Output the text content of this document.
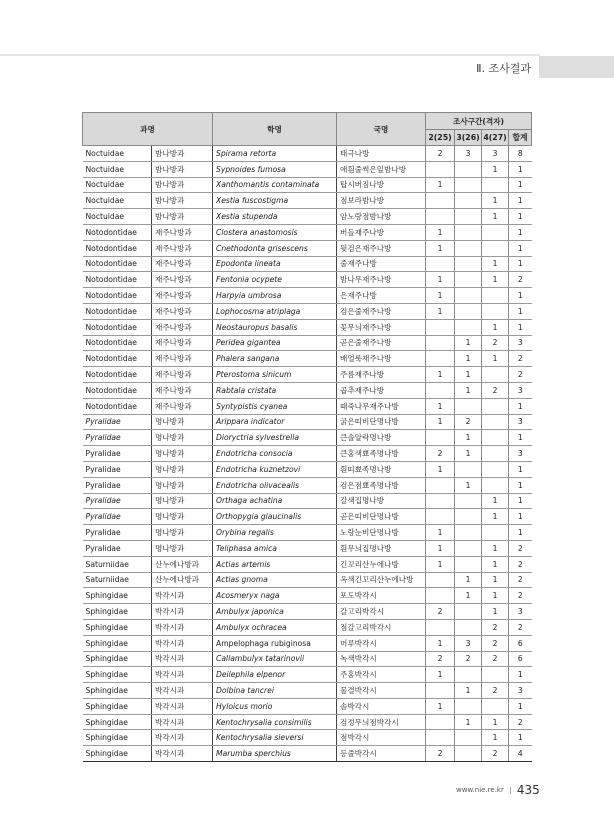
Ⅱ. 조사결과
과명		학명	국명	조사구간(격자)			
				2(25)	3(26)	4(27)	합계
Noctuidae	밤나방과	Spirama retorta	태극나방	2	3	3	8
Noctuidae	밤나방과	Sypnoides fumosa	애흰줄썩은잎밤나방			1	1
Noctuidae	밤나방과	Xanthomantis contaminata	탑시버짐나방	1			1
Noctuidae	밤나방과	Xestia fuscostigma	점보라밤나방			1	1
Noctuidae	밤나방과	Xestia stupenda	암노랑점밤나방			1	1
Notodontidae	재주나방과	Clostera anastomosis	버들재주나방	1			1
Notodontidae	재주나방과	Cnethodonta grisescens	뒷검은재주나방	1			1
Notodontidae	재주나방과	Epodonta lineata	줄재주나방			1	1
Notodontidae	재주나방과	Fentonia ocypete	밤나무재주나방	1		1	2
Notodontidae	재주나방과	Harpyia umbrosa	은재주나방	1			1
Notodontidae	재주나방과	Lophocosma atriplaga	검은줄재주나방	1			1
Notodontidae	재주나방과	Neostauropus basalis	꽃무늬재주나방			1	1
Notodontidae	재주나방과	Peridea gigantea	곧은줄재주나방		1	2	3
Notodontidae	재주나방과	Phalera sangana	배얼룩재주나방		1	1	2
Notodontidae	재주나방과	Pterostoma sinicum	주름재주나방	1	1		2
Notodontidae	재주나방과	Rabtala cristata	곱추재주나방		1	2	3
Notodontidae	재주나방과	Syntypistis cyanea	때죽나무재주나방	1			1
Pyralidae	명나방과	Arippara indicator	굵은띠비단명나방	1	2		3
Pyralidae	명나방과	Dioryctria sylvestrella	큰솔알락명나방		1		1
Pyralidae	명나방과	Endotricha consocia	큰홍색뾰족명나방	2	1		3
Pyralidae	명나방과	Endotricha kuznetzovi	흰띠뾰족명나방	1			1
Pyralidae	명나방과	Endotricha olivacealis	검은점뾰족명나방		1		1
Pyralidae	명나방과	Orthaga achatina	갈색집명나방			1	1
Pyralidae	명나방과	Orthopygia glaucinalis	곧은띠비단명나방			1	1
Pyralidae	명나방과	Orybina regalis	노랑눈비단명나방	1			1
Pyralidae	명나방과	Teliphasa amica	흰무늬집명나방	1		1	2
Saturniidae	산누에나방과	Actias artemis	긴꼬리산누에나방	1		1	2
Saturniidae	산누에나방과	Actias gnoma	옥색긴꼬리산누에나방		1	1	2
Sphingidae	박각시과	Acosmeryx naga	포도박각시		1	1	2
Sphingidae	박각시과	Ambulyx japonica	갈고리박각시	2		1	3
Sphingidae	박각시과	Ambulyx ochracea	점갈고리박각시			2	2
Sphingidae	박각시과	Ampelophaga rubiginosa	머루박각시	1	3	2	6
Sphingidae	박각시과	Callambulyx tatarinovii	녹색박각시	2	2	2	6
Sphingidae	박각시과	Deilephila elpenor	주홍박각시	1			1
Sphingidae	박각시과	Dolbina tancrei	물결박각시		1	2	3
Sphingidae	박각시과	Hyloicus morio	솔박각시	1			1
Sphingidae	박각시과	Kentochrysalia consimilis	검정무늬점박각시		1	1	2
Sphingidae	박각시과	Kentochrysalia sieversi	점박각시			1	1
Sphingidae	박각시과	Marumba sperchius	등줄박각시	2		2	4
www.nie.re.kr 435
